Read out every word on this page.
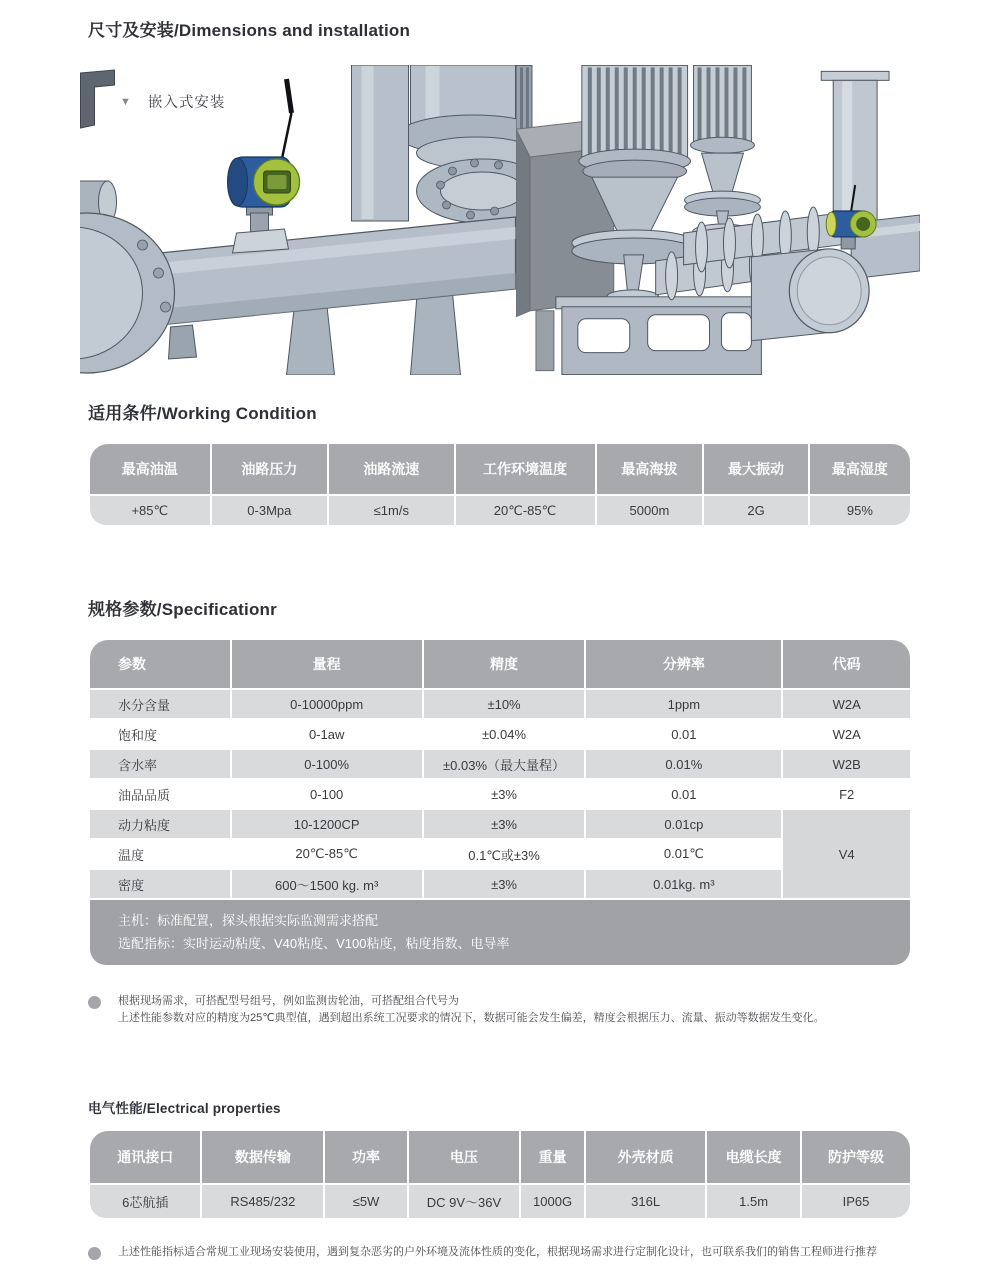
尺寸及安装/Dimensions and installation
▼ 嵌入式安装
适用条件/Working Condition
最高油温	油路压力	油路流速	工作环境温度	最高海拔	最大振动	最高湿度
+85℃	0-3Mpa	≤1m/s	20℃-85℃	5000m	2G	95%
规格参数/Specificationr
参数	量程	精度	分辨率	代码
水分含量	0-10000ppm	±10%	1ppm	W2A
饱和度	0-1aw	±0.04%	0.01	W2A
含水率	0-100%	±0.03%（最大量程）	0.01%	W2B
油品品质	0-100	±3%	0.01	F2
动力粘度	10-1200CP	±3%	0.01cp	V4
温度	20℃-85℃	0.1℃或±3%	0.01℃	
密度	600～1500 kg. m³	±3%	0.01kg. m³	

主机：标准配置，探头根据实际监测需求搭配
选配指标：实时运动粘度、V40粘度、V100粘度，粘度指数、电导率				
根据现场需求，可搭配型号组号，例如监测齿轮油，可搭配组合代号为
上述性能参数对应的精度为25℃典型值，遇到超出系统工况要求的情况下，数据可能会发生偏差，精度会根据压力、流量、振动等数据发生变化。
电气性能/Electrical properties
通讯接口	数据传输	功率	电压	重量	外壳材质	电缆长度	防护等级
6芯航插	RS485/232	≤5W	DC 9V～36V	1000G	316L	1.5m	IP65
上述性能指标适合常规工业现场安装使用，遇到复杂恶劣的户外环境及流体性质的变化，根据现场需求进行定制化设计，也可联系我们的销售工程师进行推荐
